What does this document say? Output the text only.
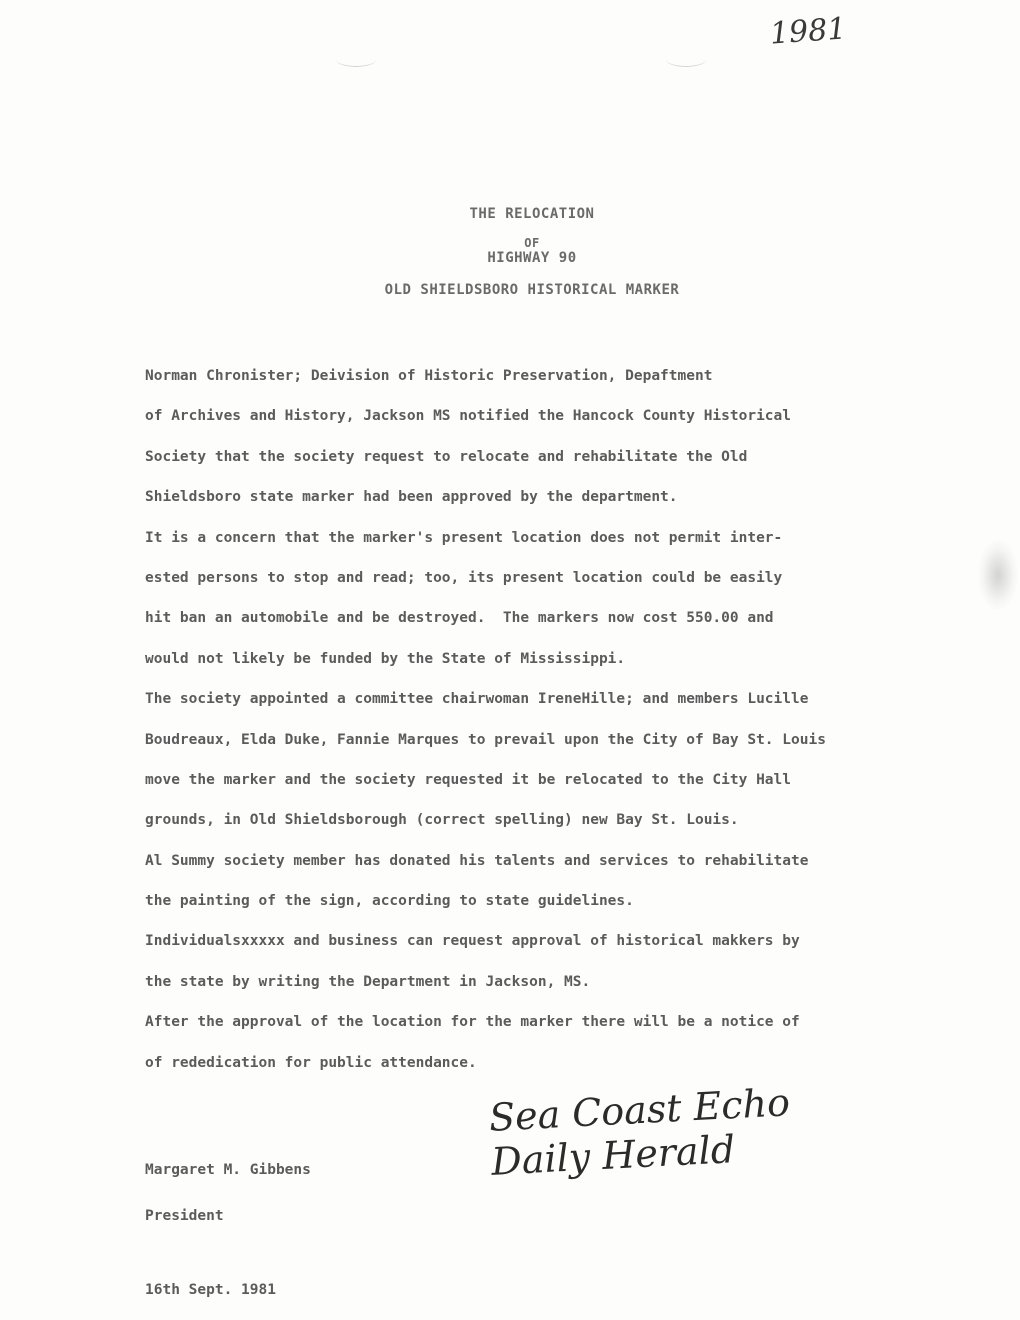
1981
THE RELOCATION
OF
HIGHWAY 90
OLD SHIELDSBORO HISTORICAL MARKER
Norman Chronister; Deivision of Historic Preservation, Depaftment
of Archives and History, Jackson MS notified the Hancock County Historical
Society that the society request to relocate and rehabilitate the Old
Shieldsboro state marker had been approved by the department.
It is a concern that the marker's present location does not permit inter-
ested persons to stop and read; too, its present location could be easily
hit ban an automobile and be destroyed.  The markers now cost 550.00 and
would not likely be funded by the State of Mississippi.
The society appointed a committee chairwoman IreneHille; and members Lucille
Boudreaux, Elda Duke, Fannie Marques to prevail upon the City of Bay St. Louis
move the marker and the society requested it be relocated to the City Hall
grounds, in Old Shieldsborough (correct spelling) new Bay St. Louis.
Al Summy society member has donated his talents and services to rehabilitate
the painting of the sign, according to state guidelines.
Individualsxxxxx and business can request approval of historical makkers by
the state by writing the Department in Jackson, MS.
After the approval of the location for the marker there will be a notice of
of rededication for public attendance.
Sea Coast Echo
Daily Herald
Margaret M. Gibbens
President
16th Sept. 1981
